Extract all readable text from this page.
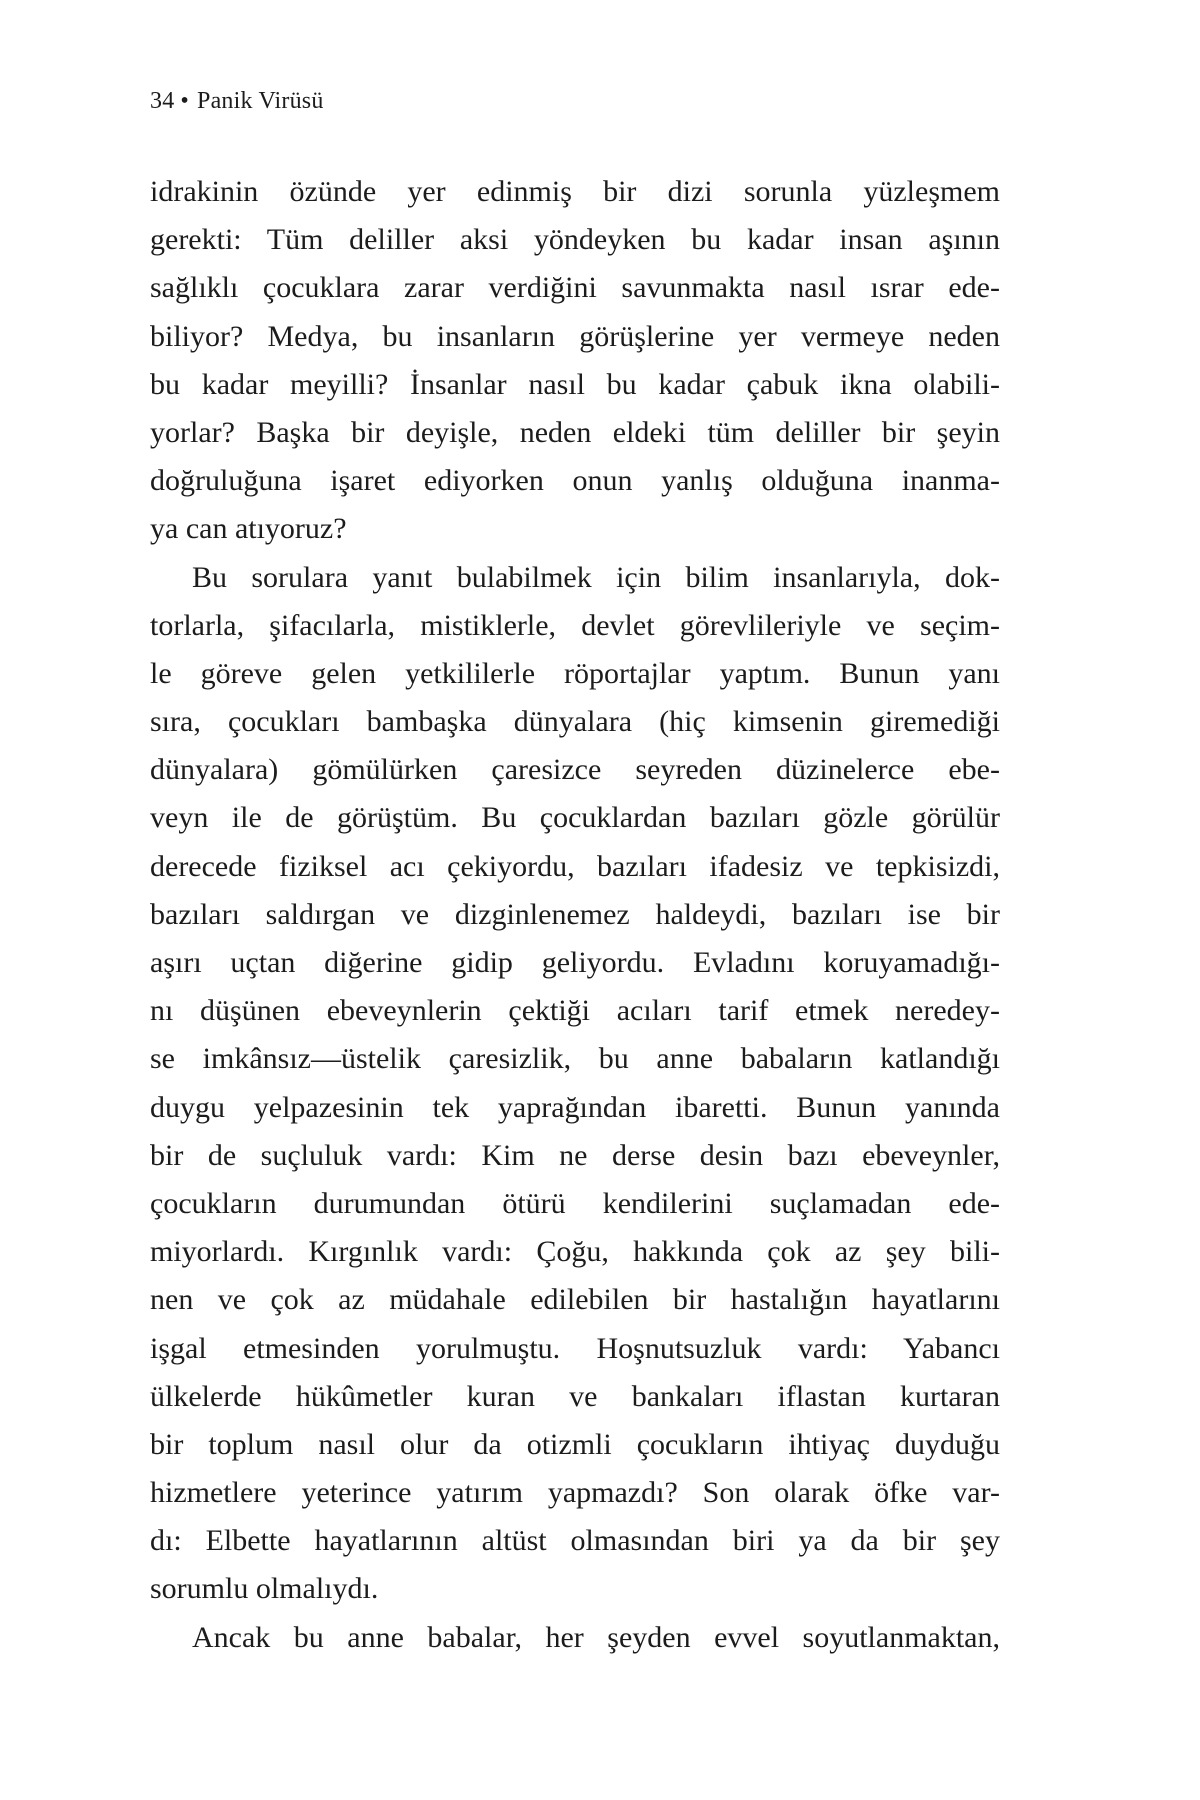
34 • Panik Virüsü
idrakinin özünde yer edinmiş bir dizi sorunla yüzleşmem
gerekti: Tüm deliller aksi yöndeyken bu kadar insan aşının
sağlıklı çocuklara zarar verdiğini savunmakta nasıl ısrar ede-
biliyor? Medya, bu insanların görüşlerine yer vermeye neden
bu kadar meyilli? İnsanlar nasıl bu kadar çabuk ikna olabili-
yorlar? Başka bir deyişle, neden eldeki tüm deliller bir şeyin
doğruluğuna işaret ediyorken onun yanlış olduğuna inanma-
ya can atıyoruz?
Bu sorulara yanıt bulabilmek için bilim insanlarıyla, dok-
torlarla, şifacılarla, mistiklerle, devlet görevlileriyle ve seçim-
le göreve gelen yetkililerle röportajlar yaptım. Bunun yanı
sıra, çocukları bambaşka dünyalara (hiç kimsenin giremediği
dünyalara) gömülürken çaresizce seyreden düzinelerce ebe-
veyn ile de görüştüm. Bu çocuklardan bazıları gözle görülür
derecede fiziksel acı çekiyordu, bazıları ifadesiz ve tepkisizdi,
bazıları saldırgan ve dizginlenemez haldeydi, bazıları ise bir
aşırı uçtan diğerine gidip geliyordu. Evladını koruyamadığı-
nı düşünen ebeveynlerin çektiği acıları tarif etmek neredey-
se imkânsız—üstelik çaresizlik, bu anne babaların katlandığı
duygu yelpazesinin tek yaprağından ibaretti. Bunun yanında
bir de suçluluk vardı: Kim ne derse desin bazı ebeveynler,
çocukların durumundan ötürü kendilerini suçlamadan ede-
miyorlardı. Kırgınlık vardı: Çoğu, hakkında çok az şey bili-
nen ve çok az müdahale edilebilen bir hastalığın hayatlarını
işgal etmesinden yorulmuştu. Hoşnutsuzluk vardı: Yabancı
ülkelerde hükûmetler kuran ve bankaları iflastan kurtaran
bir toplum nasıl olur da otizmli çocukların ihtiyaç duyduğu
hizmetlere yeterince yatırım yapmazdı? Son olarak öfke var-
dı: Elbette hayatlarının altüst olmasından biri ya da bir şey
sorumlu olmalıydı.
Ancak bu anne babalar, her şeyden evvel soyutlanmaktan,
